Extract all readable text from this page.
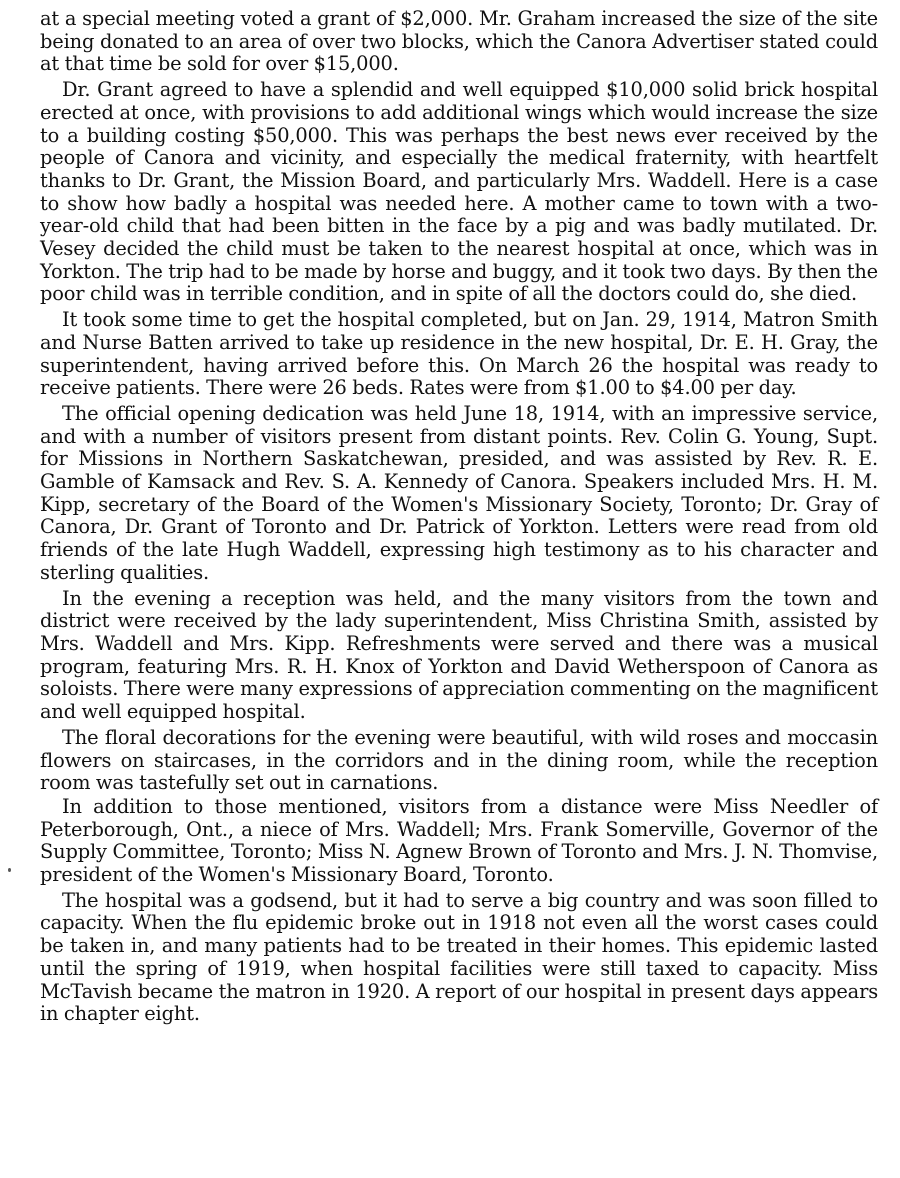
at a special meeting voted a grant of $2,000. Mr. Graham increased the size of the site being donated to an area of over two blocks, which the Canora Advertiser stated could at that time be sold for over $15,000.

Dr. Grant agreed to have a splendid and well equipped $10,000 solid brick hospital erected at once, with provisions to add additional wings which would increase the size to a building costing $50,000. This was perhaps the best news ever received by the people of Canora and vicinity, and especially the medical fraternity, with heartfelt thanks to Dr. Grant, the Mission Board, and particularly Mrs. Waddell. Here is a case to show how badly a hospital was needed here. A mother came to town with a two-year-old child that had been bitten in the face by a pig and was badly mutilated. Dr. Vesey decided the child must be taken to the nearest hospital at once, which was in Yorkton. The trip had to be made by horse and buggy, and it took two days. By then the poor child was in terrible condition, and in spite of all the doctors could do, she died.

It took some time to get the hospital completed, but on Jan. 29, 1914, Matron Smith and Nurse Batten arrived to take up residence in the new hospital, Dr. E. H. Gray, the superintendent, having arrived before this. On March 26 the hospital was ready to receive patients. There were 26 beds. Rates were from $1.00 to $4.00 per day.

The official opening dedication was held June 18, 1914, with an impressive service, and with a number of visitors present from distant points. Rev. Colin G. Young, Supt. for Missions in Northern Saskatchewan, presided, and was assisted by Rev. R. E. Gamble of Kamsack and Rev. S. A. Kennedy of Canora. Speakers included Mrs. H. M. Kipp, secretary of the Board of the Women's Missionary Society, Toronto; Dr. Gray of Canora, Dr. Grant of Toronto and Dr. Patrick of Yorkton. Letters were read from old friends of the late Hugh Waddell, expressing high testimony as to his character and sterling qualities.

In the evening a reception was held, and the many visitors from the town and district were received by the lady superintendent, Miss Christina Smith, assisted by Mrs. Waddell and Mrs. Kipp. Refreshments were served and there was a musical program, featuring Mrs. R. H. Knox of Yorkton and David Wetherspoon of Canora as soloists. There were many expressions of appreciation commenting on the magnificent and well equipped hospital.

The floral decorations for the evening were beautiful, with wild roses and moccasin flowers on staircases, in the corridors and in the dining room, while the reception room was tastefully set out in carnations.

In addition to those mentioned, visitors from a distance were Miss Needler of Peterborough, Ont., a niece of Mrs. Waddell; Mrs. Frank Somerville, Governor of the Supply Committee, Toronto; Miss N. Agnew Brown of Toronto and Mrs. J. N. Thomvise, president of the Women's Missionary Board, Toronto.

The hospital was a godsend, but it had to serve a big country and was soon filled to capacity. When the flu epidemic broke out in 1918 not even all the worst cases could be taken in, and many patients had to be treated in their homes. This epidemic lasted until the spring of 1919, when hospital facilities were still taxed to capacity. Miss McTavish became the matron in 1920. A report of our hospital in present days appears in chapter eight.
